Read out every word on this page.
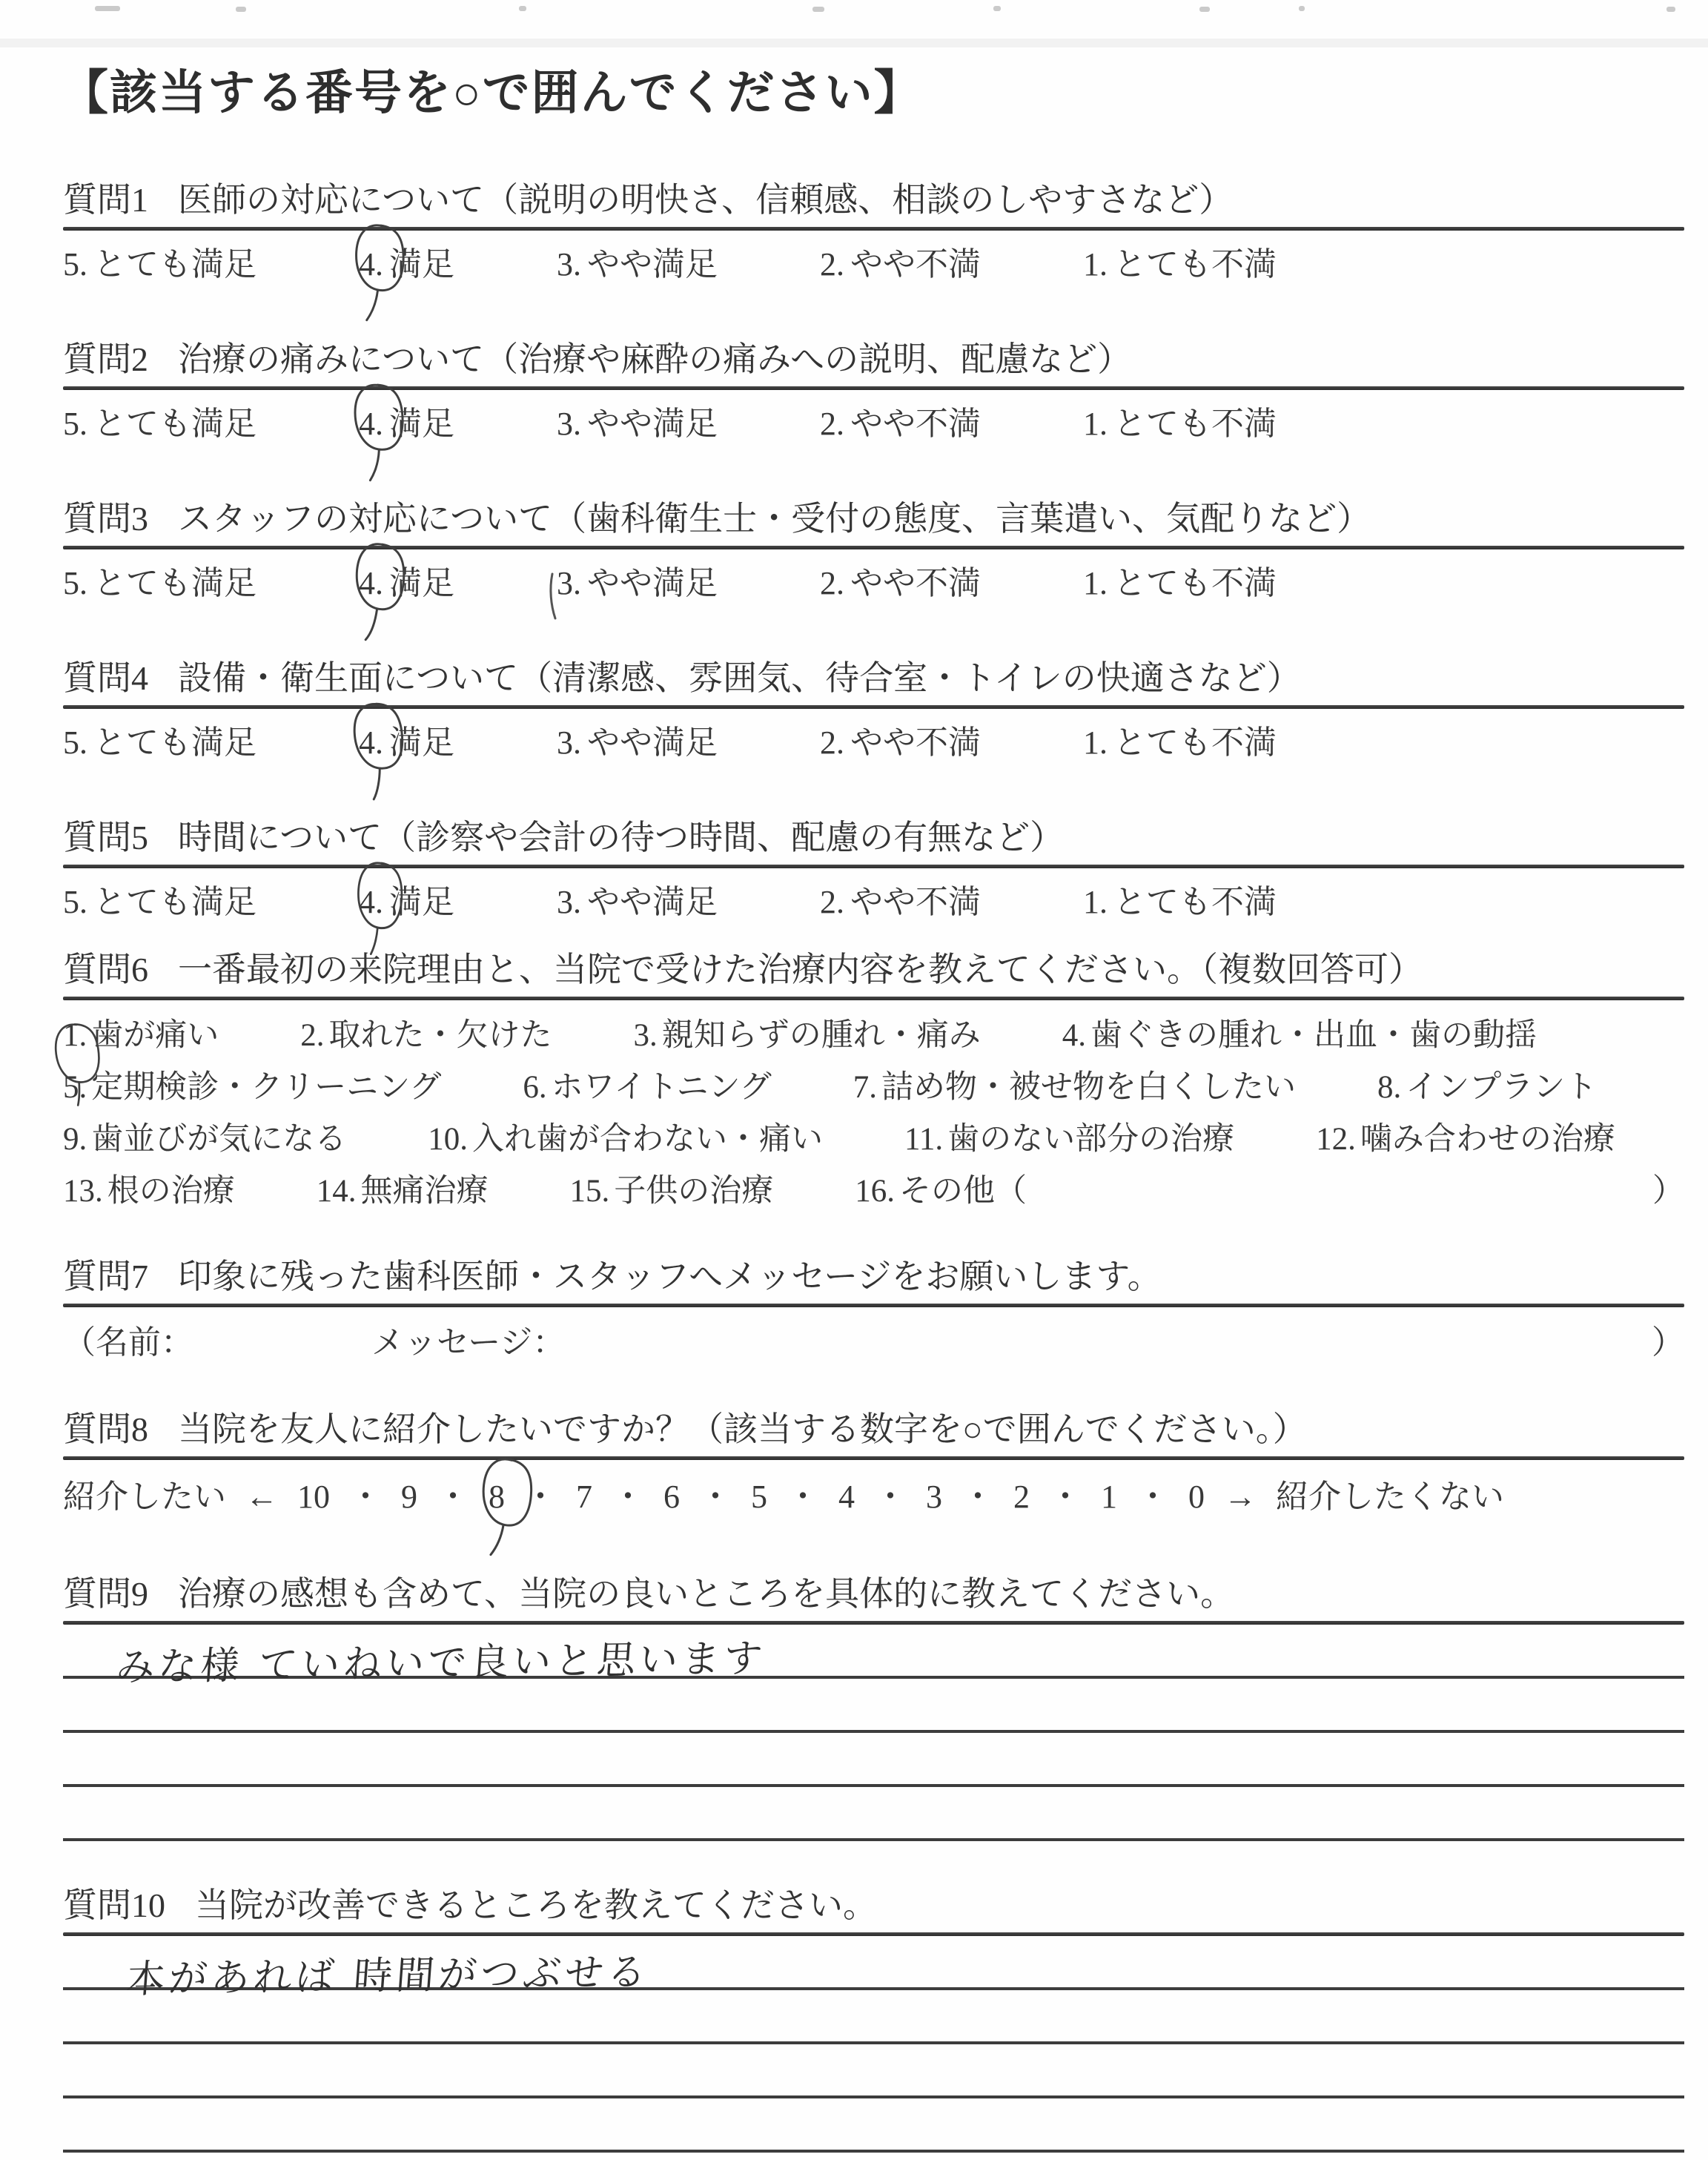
【該当する番号を○で囲んでください】
質問1 医師の対応について（説明の明快さ、信頼感、相談のしやすさなど）
5. とても満足	4. 満足	3. やや満足	2. やや不満	1. とても不満
質問2 治療の痛みについて（治療や麻酔の痛みへの説明、配慮など）
5. とても満足	4. 満足	3. やや満足	2. やや不満	1. とても不満
質問3 スタッフの対応について（歯科衛生士・受付の態度、言葉遣い、気配りなど）
5. とても満足	4. 満足	3. やや満足	2. やや不満	1. とても不満
質問4 設備・衛生面について（清潔感、雰囲気、待合室・トイレの快適さなど）
5. とても満足	4. 満足	3. やや満足	2. やや不満	1. とても不満
質問5 時間について（診察や会計の待つ時間、配慮の有無など）
5. とても満足	4. 満足	3. やや満足	2. やや不満	1. とても不満
質問6 一番最初の来院理由と、当院で受けた治療内容を教えてください。（複数回答可）
1. 歯が痛い	2. 取れた・欠けた	3. 親知らずの腫れ・痛み	4. 歯ぐきの腫れ・出血・歯の動揺
5. 定期検診・クリーニング	6. ホワイトニング	7. 詰め物・被せ物を白くしたい	8. インプラント
9. 歯並びが気になる	10. 入れ歯が合わない・痛い	11. 歯のない部分の治療	12. 噛み合わせの治療
13. 根の治療	14. 無痛治療	15. 子供の治療	16. その他（	）
質問7 印象に残った歯科医師・スタッフへメッセージをお願いします。
（名前：	メッセージ：	）
質問8 当院を友人に紹介したいですか？（該当する数字を○で囲んでください。）
紹介したい ← 10 ・ 9 ・ 8 ・ 7 ・ 6 ・ 5 ・ 4 ・ 3 ・ 2 ・ 1 ・ 0 → 紹介したくない
質問9 治療の感想も含めて、当院の良いところを具体的に教えてください。
みな様 ていねいで良いと思います
質問10 当院が改善できるところを教えてください。
本があれば 時間がつぶせる
